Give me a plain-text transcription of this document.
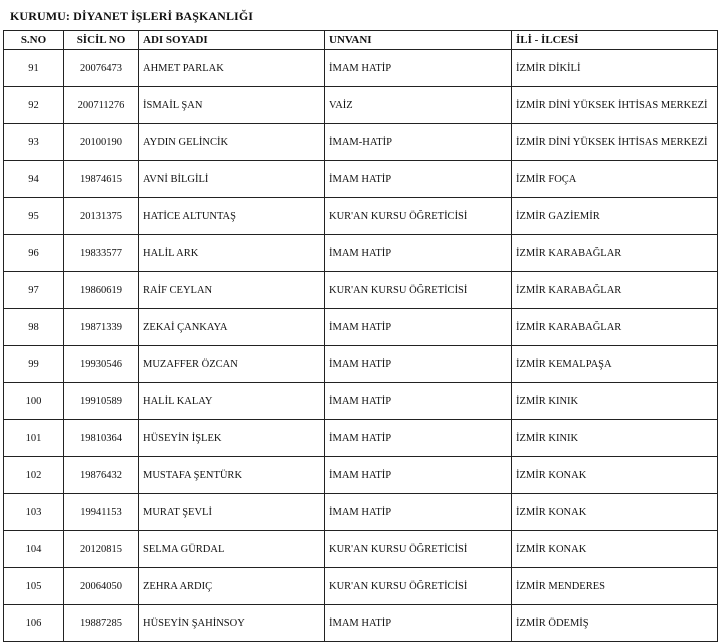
KURUMU: DİYANET İŞLERİ BAŞKANLIĞI
S.NO	SİCİL NO	ADI SOYADI	UNVANI	İLİ - İLCESİ
91	20076473	AHMET PARLAK	İMAM HATİP	İZMİR DİKİLİ
92	200711276	İSMAİL ŞAN	VAİZ	İZMİR DİNİ YÜKSEK İHTİSAS MERKEZİ
93	20100190	AYDIN GELİNCİK	İMAM-HATİP	İZMİR DİNİ YÜKSEK İHTİSAS MERKEZİ
94	19874615	AVNİ BİLGİLİ	İMAM HATİP	İZMİR FOÇA
95	20131375	HATİCE ALTUNTAŞ	KUR'AN KURSU ÖĞRETİCİSİ	İZMİR GAZİEMİR
96	19833577	HALİL ARK	İMAM HATİP	İZMİR KARABAĞLAR
97	19860619	RAİF CEYLAN	KUR'AN KURSU ÖĞRETİCİSİ	İZMİR KARABAĞLAR
98	19871339	ZEKAİ ÇANKAYA	İMAM HATİP	İZMİR KARABAĞLAR
99	19930546	MUZAFFER ÖZCAN	İMAM HATİP	İZMİR KEMALPAŞA
100	19910589	HALİL KALAY	İMAM HATİP	İZMİR KINIK
101	19810364	HÜSEYİN İŞLEK	İMAM HATİP	İZMİR KINIK
102	19876432	MUSTAFA ŞENTÜRK	İMAM HATİP	İZMİR KONAK
103	19941153	MURAT ŞEVLİ	İMAM HATİP	İZMİR KONAK
104	20120815	SELMA GÜRDAL	KUR'AN KURSU ÖĞRETİCİSİ	İZMİR KONAK
105	20064050	ZEHRA ARDIÇ	KUR'AN KURSU ÖĞRETİCİSİ	İZMİR MENDERES
106	19887285	HÜSEYİN ŞAHİNSOY	İMAM HATİP	İZMİR ÖDEMİŞ
